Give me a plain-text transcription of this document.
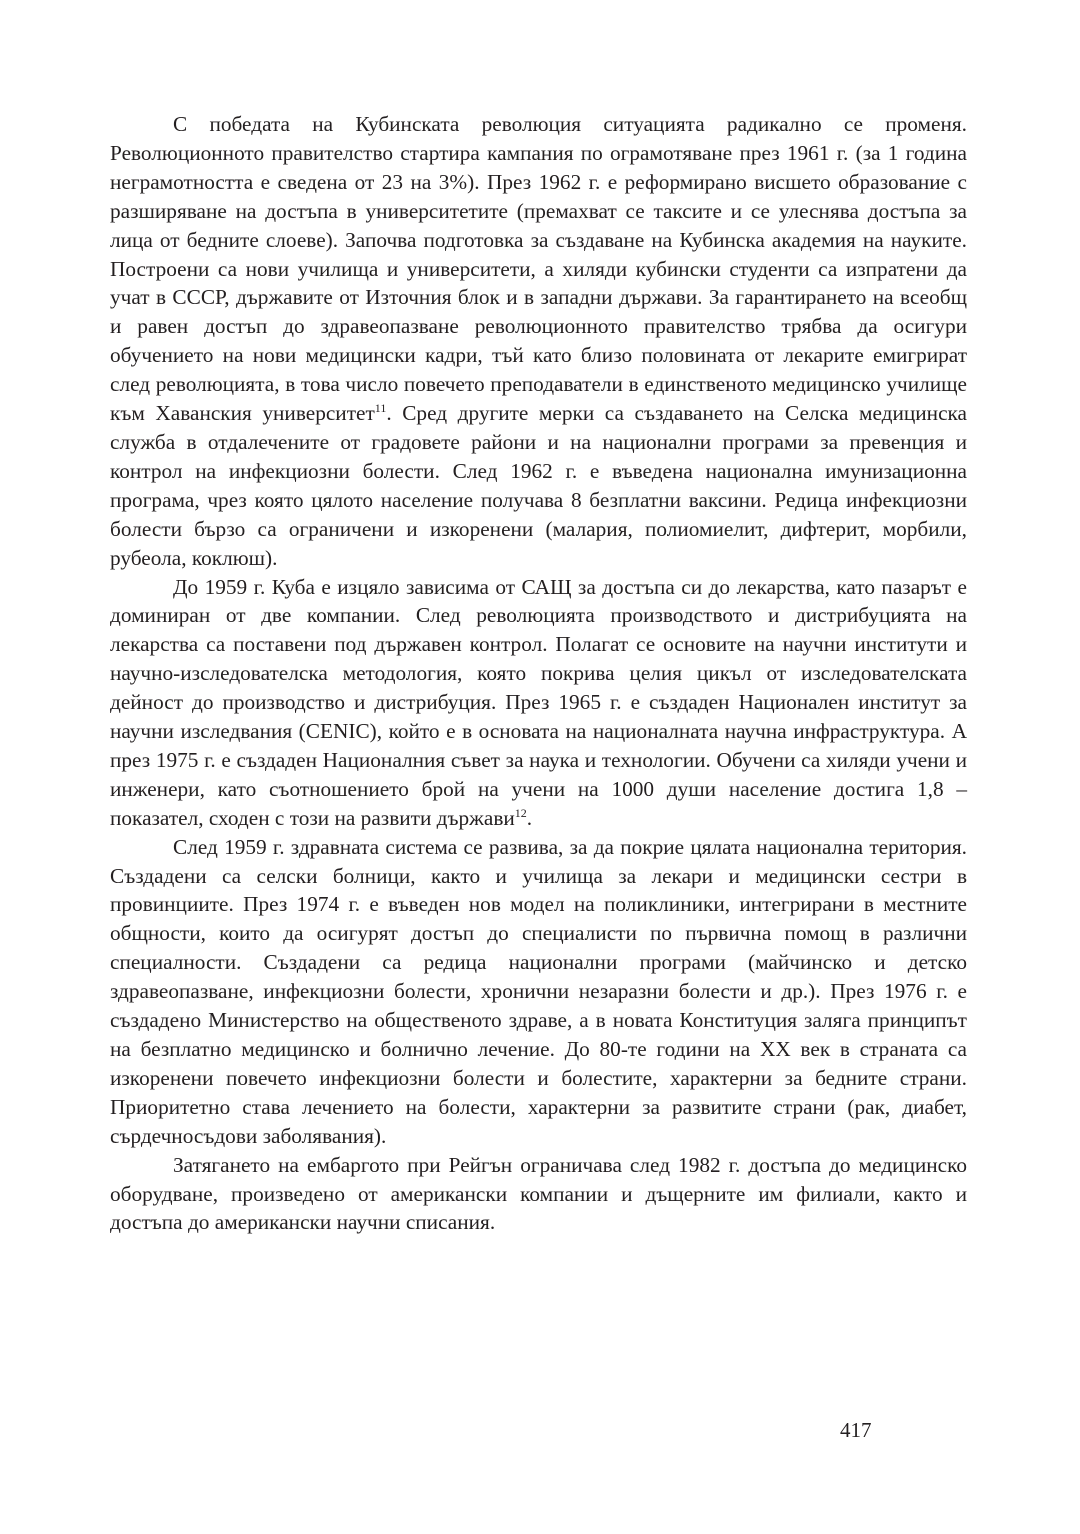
С победата на Кубинската революция ситуацията радикално се променя. Революционното правителство стартира кампания по ограмотяване през 1961 г. (за 1 година неграмотността е сведена от 23 на 3%). През 1962 г. е реформирано висшето образование с разширяване на достъпа в университетите (премахват се таксите и се улеснява достъпа за лица от бедните слоеве). Започва подготовка за създаване на Кубинска академия на науките. Построени са нови училища и университети, а хиляди кубински студенти са изпратени да учат в СССР, държавите от Източния блок и в западни държави. За гарантирането на всеобщ и равен достъп до здравеопазване революционното правителство трябва да осигури обучението на нови медицински кадри, тъй като близо половината от лекарите емигрират след революцията, в това число повечето преподаватели в единственото медицинско училище към Хаванския университет$^{11}$. Сред другите мерки са създаването на Селска медицинска служба в отдалечените от градовете райони и на национални програми за превенция и контрол на инфекциозни болести. След 1962 г. е въведена национална имунизационна програма, чрез която цялото население получава 8 безплатни ваксини. Редица инфекциозни болести бързо са ограничени и изкоренени (малария, полиомиелит, дифтерит, морбили, рубеола, коклюш).

До 1959 г. Куба е изцяло зависима от САЩ за достъпа си до лекарства, като пазарът е доминиран от две компании. След революцията производството и дистрибуцията на лекарства са поставени под държавен контрол. Полагат се основите на научни институти и научно-изследователска методология, която покрива целия цикъл от изследователската дейност до производство и дистрибуция. През 1965 г. е създаден Национален институт за научни изследвания (CENIC), който е в основата на националната научна инфраструктура. А през 1975 г. е създаден Националния съвет за наука и технологии. Обучени са хиляди учени и инженери, като съотношението брой на учени на 1000 души население достига 1,8 – показател, сходен с този на развити държави$^{12}$.

След 1959 г. здравната система се развива, за да покрие цялата национална територия. Създадени са селски болници, както и училища за лекари и медицински сестри в провинциите. През 1974 г. е въведен нов модел на поликлиники, интегрирани в местните общности, които да осигурят достъп до специалисти по първична помощ в различни специалности. Създадени са редица национални програми (майчинско и детско здравеопазване, инфекциозни болести, хронични незаразни болести и др.). През 1976 г. е създадено Министерство на общественото здраве, а в новата Конституция залягa принципът на безплатно медицинско и болнично лечение. До 80-те години на XX век в страната са изкоренени повечето инфекциозни болести и болестите, характерни за бедните страни. Приоритетно става лечението на болести, характерни за развитите страни (рак, диабет, сърдечносъдови заболявания).

Затягането на ембаргото при Рейгън ограничава след 1982 г. достъпа до медицинско оборудване, произведено от американски компании и дъщерните им филиали, както и достъпа до американски научни списания.

417
